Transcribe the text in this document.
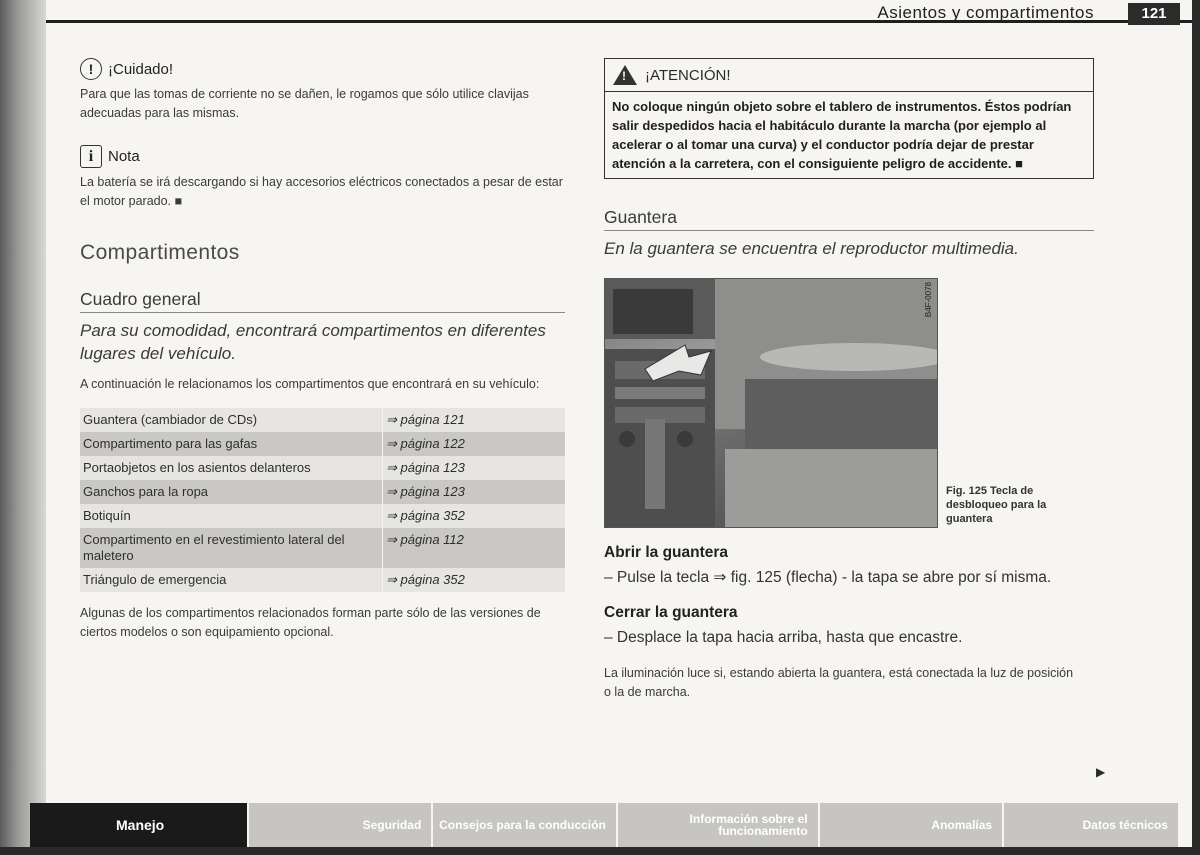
Asientos y compartimentos	121
! ¡Cuidado!
Para que las tomas de corriente no se dañen, le rogamos que sólo utilice clavijas adecuadas para las mismas.
i Nota
La batería se irá descargando si hay accesorios eléctricos conectados a pesar de estar el motor parado. ■
Compartimentos
Cuadro general
Para su comodidad, encontrará compartimentos en diferentes lugares del vehículo.
A continuación le relacionamos los compartimentos que encontrará en su vehículo:
Guantera (cambiador de CDs)	⇒ página 121
Compartimento para las gafas	⇒ página 122
Portaobjetos en los asientos delanteros	⇒ página 123
Ganchos para la ropa	⇒ página 123
Botiquín	⇒ página 352
Compartimento en el revestimiento lateral del maletero	⇒ página 112
Triángulo de emergencia	⇒ página 352
Algunas de los compartimentos relacionados forman parte sólo de las versiones de ciertos modelos o son equipamiento opcional.
!
¡ATENCIÓN!
No coloque ningún objeto sobre el tablero de instrumentos. Éstos podrían salir despedidos hacia el habitáculo durante la marcha (por ejemplo al acelerar o al tomar una curva) y el conductor podría dejar de prestar atención a la carretera, con el consiguiente peligro de accidente. ■
Guantera
En la guantera se encuentra el reproductor multimedia.
B4F-0078
Fig. 125 Tecla de desbloqueo para la guantera
Abrir la guantera
– Pulse la tecla ⇒ fig. 125 (flecha) - la tapa se abre por sí misma.
Cerrar la guantera
– Desplace la tapa hacia arriba, hasta que encastre.
La iluminación luce si, estando abierta la guantera, está conectada la luz de posición o la de marcha.
▶
Manejo	Seguridad	Consejos para la conducción	Información sobre el funcionamiento	Anomalías	Datos técnicos
